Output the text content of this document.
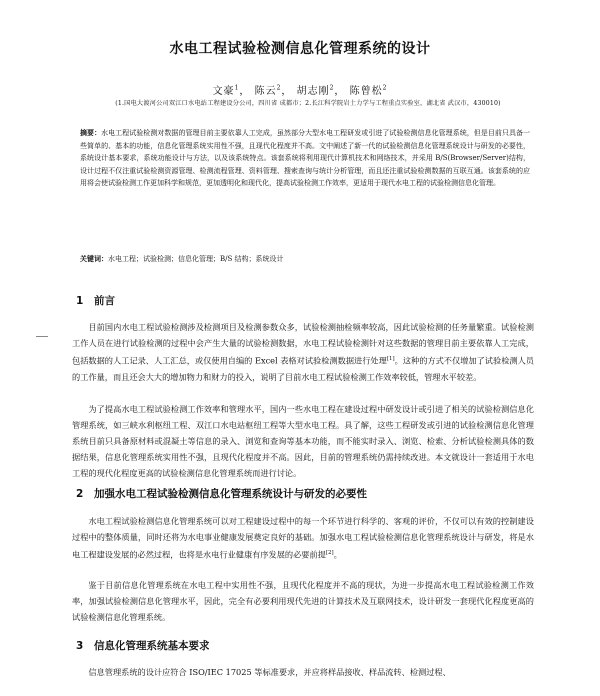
水电工程试验检测信息化管理系统的设计
文豪$^1$， 陈云$^2$， 胡志刚$^2$， 陈曾松$^2$
(1.国电大渡河公司双江口水电站工程建设分公司，四川省 成都市；2.长江科学院岩土力学与工程重点实验室，湖北省 武汉市，430010)
摘要：水电工程试验检测对数据的管理目前主要依靠人工完成，虽然部分大型水电工程研发或引进了试验检测信息化管理系统，但是目前只具备一些简单的、基本的功能，信息化管理系统实用性不强，且现代化程度并不高。文中阐述了新一代的试验检测信息化管理系统设计与研发的必要性，系统设计基本要求，系统功能设计与方法，以及该系统特点。该套系统将利用现代计算机技术和网络技术，并采用 B/S(Browser/Server)结构，设计过程不仅注重试验检测资源管理、检测流程管理、资料管理、搜索查询与统计分析管理，而且还注重试验检测数据的互联互通。该套系统的应用将会使试验检测工作更加科学和规范，更加透明化和现代化，提高试验检测工作效率，更适用于现代水电工程的试验检测信息化管理。
关键词：水电工程；试验检测；信息化管理；B/S 结构；系统设计
1 前言
目前国内水电工程试验检测涉及检测项目及检测参数众多，试验检测抽检频率较高，因此试验检测的任务量繁重。试验检测工作人员在进行试验检测的过程中会产生大量的试验检测数据，水电工程试验检测针对这些数据的管理目前主要依靠人工完成，包括数据的人工记录、人工汇总，或仅使用自编的 Excel 表格对试验检测数据进行处理[1]。这种的方式不仅增加了试验检测人员的工作量，而且还会大大的增加物力和财力的投入，说明了目前水电工程试验检测工作效率较低，管理水平较差。
为了提高水电工程试验检测工作效率和管理水平，国内一些水电工程在建设过程中研发设计或引进了相关的试验检测信息化管理系统，如三峡水利枢纽工程、双江口水电站枢纽工程等大型水电工程。具了解，这些工程研发或引进的试验检测信息化管理系统目前只具备原材料或混凝土等信息的录入、浏览和查询等基本功能，而不能实时录入、浏览、检索、分析试验检测具体的数据结果，信息化管理系统实用性不强，且现代化程度并不高。因此，目前的管理系统仍需持续改进。本文就设计一套适用于水电工程的现代化程度更高的试验检测信息化管理系统而进行讨论。
2 加强水电工程试验检测信息化管理系统设计与研发的必要性
水电工程试验检测信息化管理系统可以对工程建设过程中的每一个环节进行科学的、客观的评价，不仅可以有效的控制建设过程中的整体质量，同时还将为水电事业健康发展奠定良好的基础。加强水电工程试验检测信息化管理系统设计与研发，将是水电工程建设发展的必然过程，也将是水电行业健康有序发展的必要前提[2]。
鉴于目前信息化管理系统在水电工程中实用性不强，且现代化程度并不高的现状，为进一步提高水电工程试验检测工作效率，加强试验检测信息化管理水平，因此，完全有必要利用现代先进的计算技术及互联网技术，设计研发一套现代化程度更高的试验检测信息化管理系统。
3 信息化管理系统基本要求
信息管理系统的设计应符合 ISO/IEC 17025 等标准要求，并应将样品接收、样品流转、检测过程、
